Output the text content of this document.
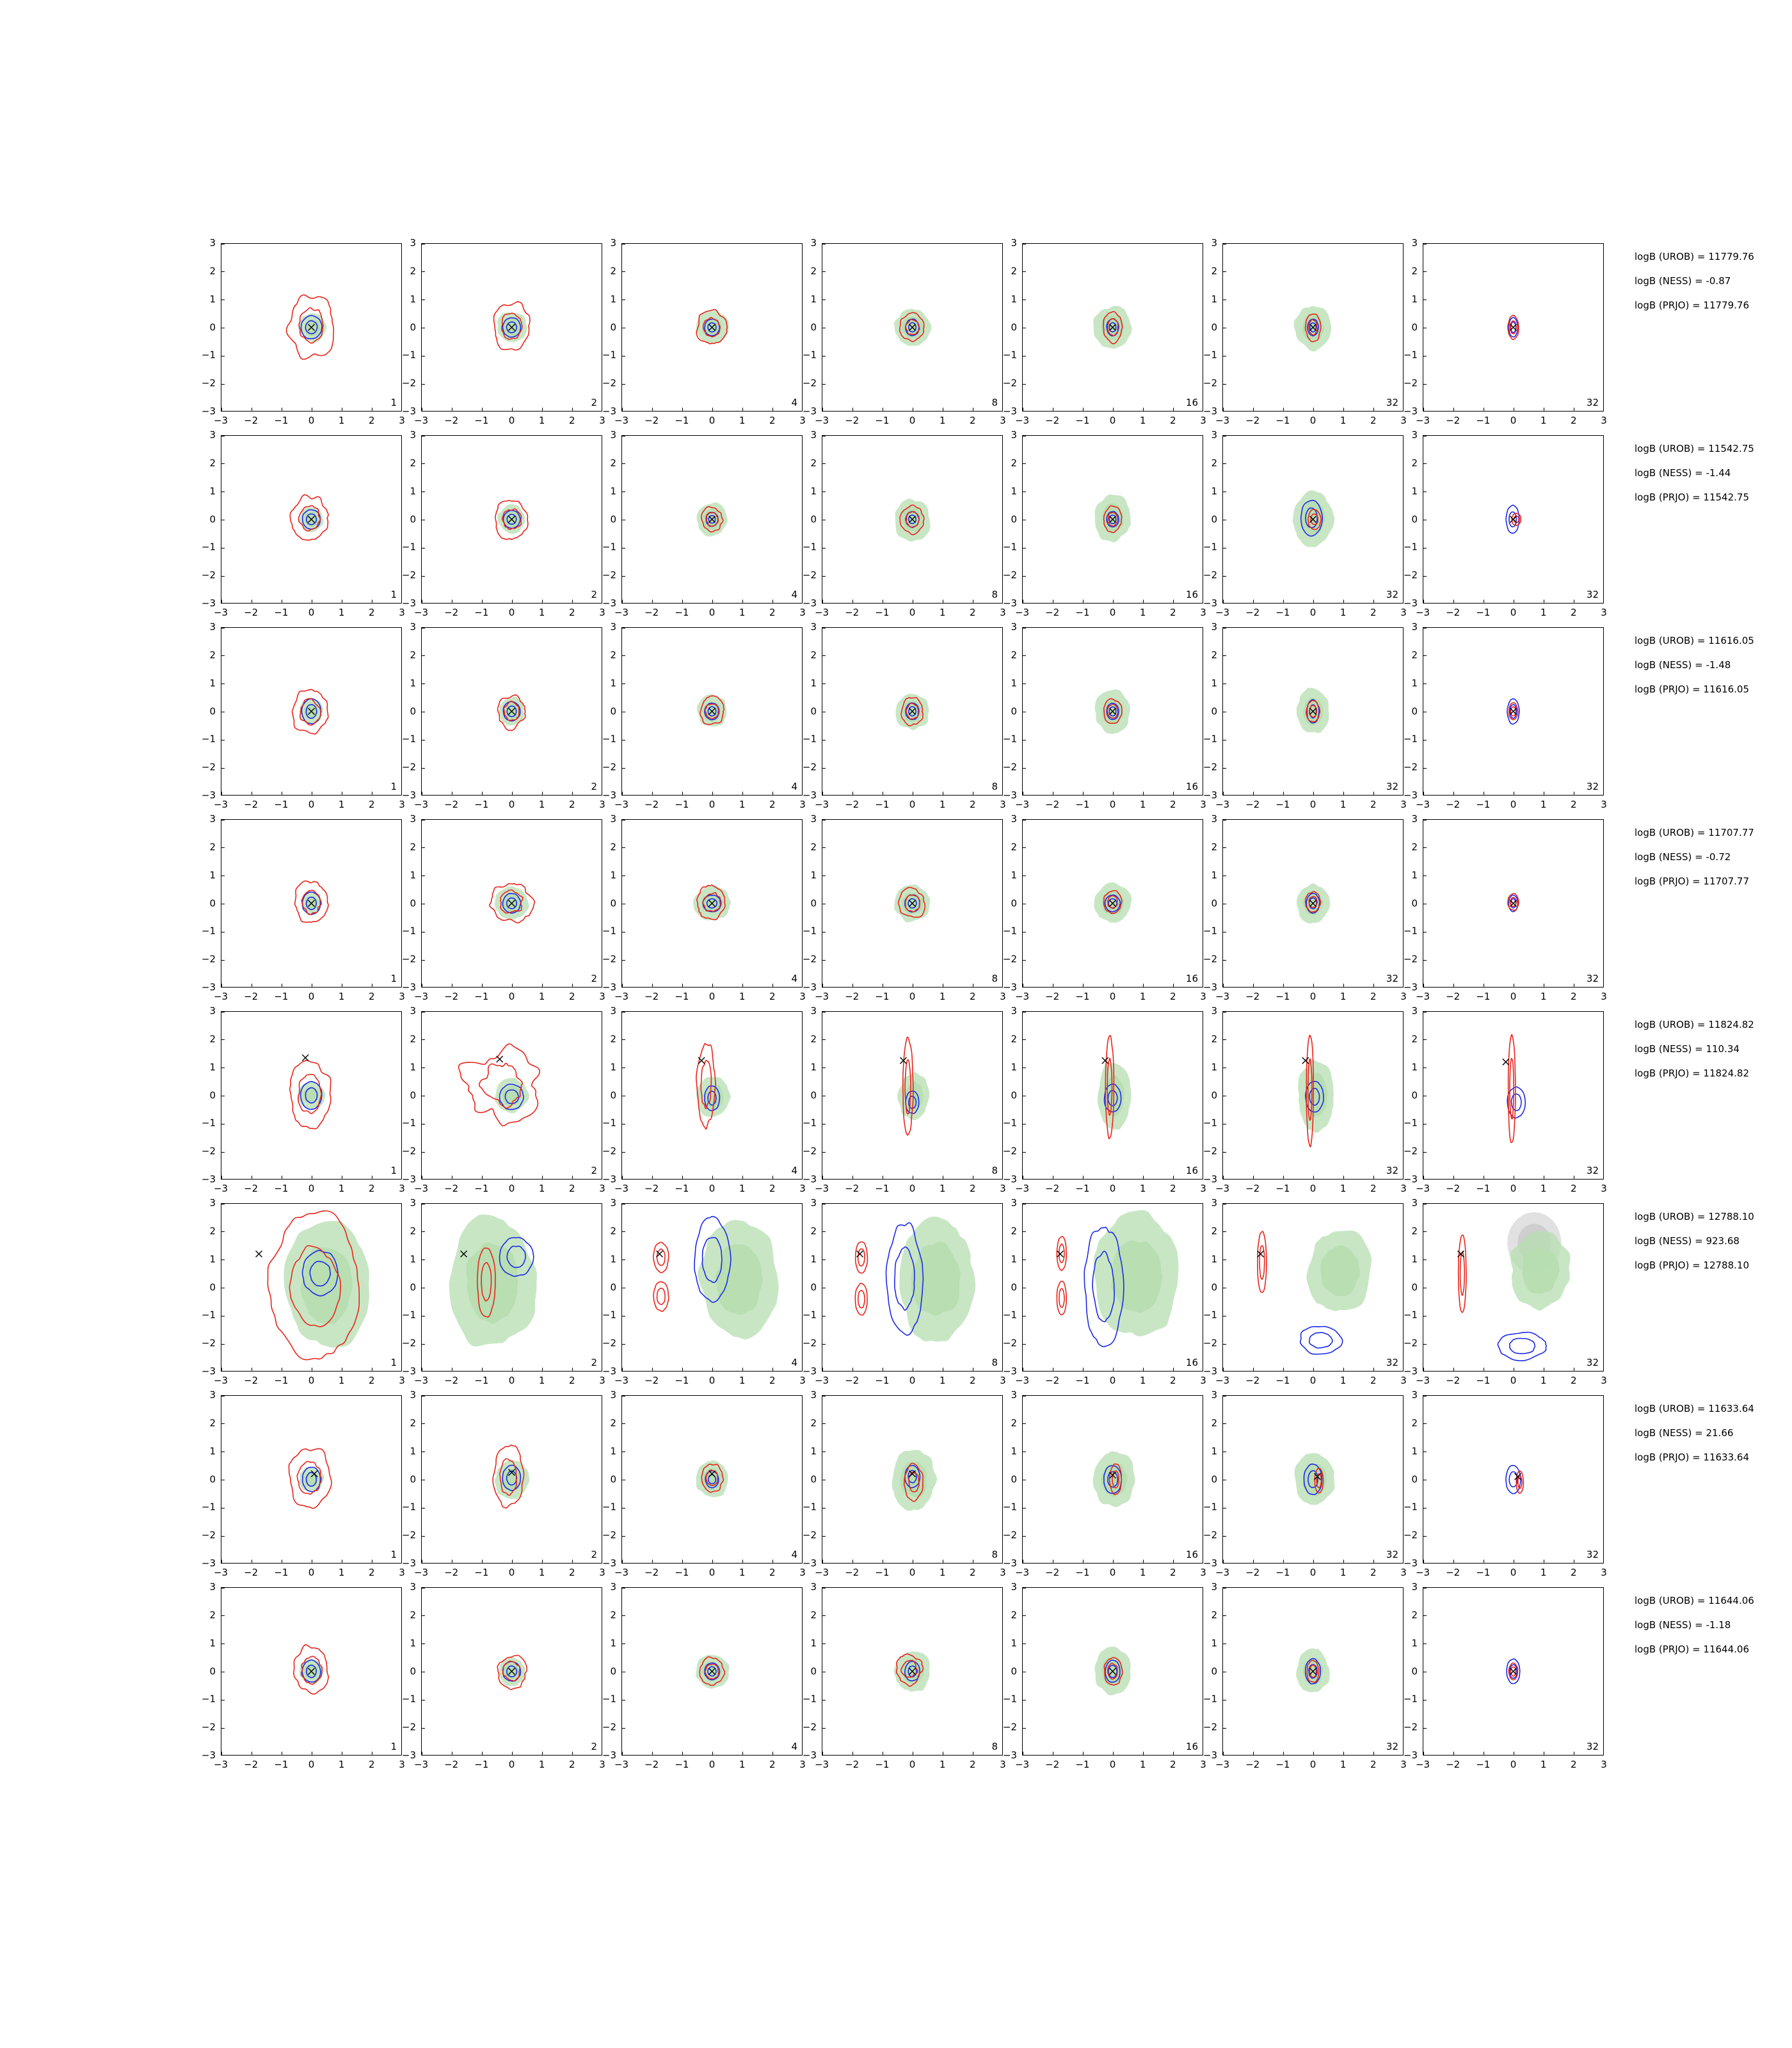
−3 −2 −1 0	1	2	3
3
2
1
0
−1
−2
−3
1
−3 −2 −1 0	1	2	3
3
2
1
0
−1
−2
−3
2
−3 −2 −1 0	1	2	3
3
2
1
0
−1
−2
−3
4
−3 −2 −1 0	1	2	3
3
2
1
0
−1
−2
−3
8
−3 −2 −1 0	1	2	3
3
2
1
0
−1
−2
−3
16
−3 −2 −1 0	1	2	3
3
2
1
0
−1
−2
−3
32
−3 −2 −1 0	1	2	3
3
2
1
0
−1
−2
−3
32
logB (UROB) = 11779.76
logB (NESS) = -0.87
logB (PRJO) = 11779.76
−3 −2 −1 0	1	2	3
3
2
1
0
−1
−2
−3
1
−3 −2 −1 0	1	2	3
3
2
1
0
−1
−2
−3
2
−3 −2 −1 0	1	2	3
3
2
1
0
−1
−2
−3
4
−3 −2 −1 0	1	2	3
3
2
1
0
−1
−2
−3
8
−3 −2 −1 0	1	2	3
3
2
1
0
−1
−2
−3
16
−3 −2 −1 0	1	2	3
3
2
1
0
−1
−2
−3
32
−3 −2 −1 0	1	2	3
3
2
1
0
−1
−2
−3
32
logB (UROB) = 11542.75
logB (NESS) = -1.44
logB (PRJO) = 11542.75
−3 −2 −1 0	1	2	3
3
2
1
0
−1
−2
−3
1
−3 −2 −1 0	1	2	3
3
2
1
0
−1
−2
−3
2
−3 −2 −1 0	1	2	3
3
2
1
0
−1
−2
−3
4
−3 −2 −1 0	1	2	3
3
2
1
0
−1
−2
−3
8
−3 −2 −1 0	1	2	3
3
2
1
0
−1
−2
−3
16
−3 −2 −1 0	1	2	3
3
2
1
0
−1
−2
−3
32
−3 −2 −1 0	1	2	3
3
2
1
0
−1
−2
−3
32
logB (UROB) = 11616.05
logB (NESS) = -1.48
logB (PRJO) = 11616.05
−3 −2 −1 0	1	2	3
3
2
1
0
−1
−2
−3
1
−3 −2 −1 0	1	2	3
3
2
1
0
−1
−2
−3
2
−3 −2 −1 0	1	2	3
3
2
1
0
−1
−2
−3
4
−3 −2 −1 0	1	2	3
3
2
1
0
−1
−2
−3
8
−3 −2 −1 0	1	2	3
3
2
1
0
−1
−2
−3
16
−3 −2 −1 0	1	2	3
3
2
1
0
−1
−2
−3
32
−3 −2 −1 0	1	2	3
3
2
1
0
−1
−2
−3
32
logB (UROB) = 11707.77
logB (NESS) = -0.72
logB (PRJO) = 11707.77
−3 −2 −1 0	1	2	3
3
2
1
0
−1
−2
−3
1
−3 −2 −1 0	1	2	3
3
2
1
0
−1
−2
−3
2
−3 −2 −1 0	1	2	3
3
2
1
0
−1
−2
−3
4
−3 −2 −1 0	1	2	3
3
2
1
0
−1
−2
−3
8
−3 −2 −1 0	1	2	3
3
2
1
0
−1
−2
−3
16
−3 −2 −1 0	1	2	3
3
2
1
0
−1
−2
−3
32
−3 −2 −1 0	1	2	3
3
2
1
0
−1
−2
−3
32
logB (UROB) = 11824.82
logB (NESS) = 110.34
logB (PRJO) = 11824.82
−3 −2 −1 0	1	2	3
3
2
1
0
−1
−2
−3
1
−3 −2 −1 0	1	2	3
3
2
1
0
−1
−2
−3
2
−3 −2 −1 0	1	2	3
3
2
1
0
−1
−2
−3
4
−3 −2 −1 0	1	2	3
3
2
1
0
−1
−2
−3
8
−3 −2 −1 0	1	2	3
3
2
1
0
−1
−2
−3
16
−3 −2 −1 0	1	2	3
3
2
1
0
−1
−2
−3
32
−3 −2 −1 0	1	2	3
3
2
1
0
−1
−2
−3
32
logB (UROB) = 12788.10
logB (NESS) = 923.68
logB (PRJO) = 12788.10
−3 −2 −1 0	1	2	3
3
2
1
0
−1
−2
−3
1
−3 −2 −1 0	1	2	3
3
2
1
0
−1
−2
−3
2
−3 −2 −1 0	1	2	3
3
2
1
0
−1
−2
−3
4
−3 −2 −1 0	1	2	3
3
2
1
0
−1
−2
−3
8
−3 −2 −1 0	1	2	3
3
2
1
0
−1
−2
−3
16
−3 −2 −1 0	1	2	3
3
2
1
0
−1
−2
−3
32
−3 −2 −1 0	1	2	3
3
2
1
0
−1
−2
−3
32
logB (UROB) = 11633.64
logB (NESS) = 21.66
logB (PRJO) = 11633.64
−3 −2 −1 0	1	2	3
3
2
1
0
−1
−2
−3
1
−3 −2 −1 0	1	2	3
3
2
1
0
−1
−2
−3
2
−3 −2 −1 0	1	2	3
3
2
1
0
−1
−2
−3
4
−3 −2 −1 0	1	2	3
3
2
1
0
−1
−2
−3
8
−3 −2 −1 0	1	2	3
3
2
1
0
−1
−2
−3
16
−3 −2 −1 0	1	2	3
3
2
1
0
−1
−2
−3
32
−3 −2 −1 0	1	2	3
3
2
1
0
−1
−2
−3
32
logB (UROB) = 11644.06
logB (NESS) = -1.18
logB (PRJO) = 11644.06
